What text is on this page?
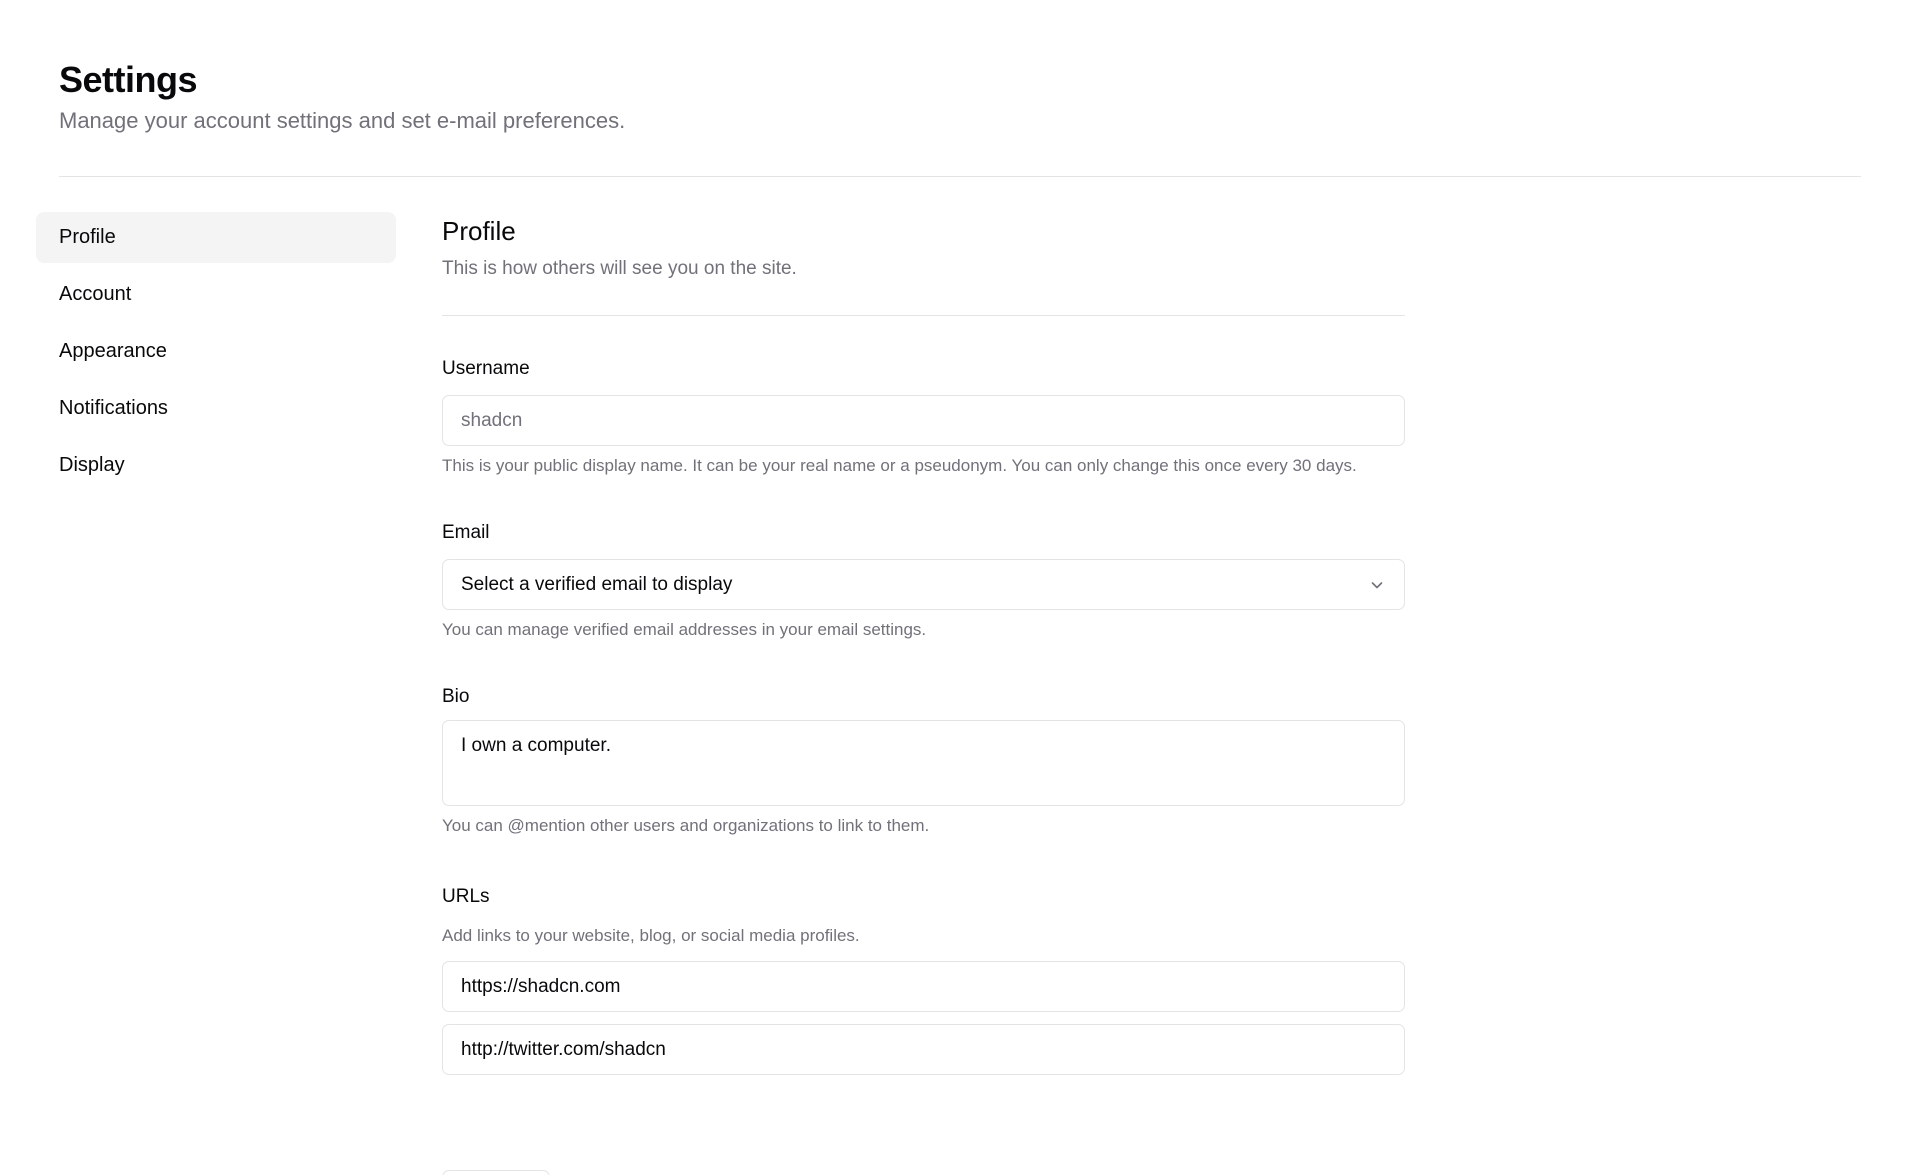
Settings

Manage your account settings and set e-mail preferences.

Profile
Account
Appearance
Notifications
Display
Profile

This is how others will see you on the site.

Username
shadcn

This is your public display name. It can be your real name or a pseudonym. You can only change this once every 30 days.

Email
Select a verified email to display

You can manage verified email addresses in your email settings.

Bio
I own a computer.

You can @mention other users and organizations to link to them.

URLs

Add links to your website, blog, or social media profiles.

https://shadcn.com
http://twitter.com/shadcn
